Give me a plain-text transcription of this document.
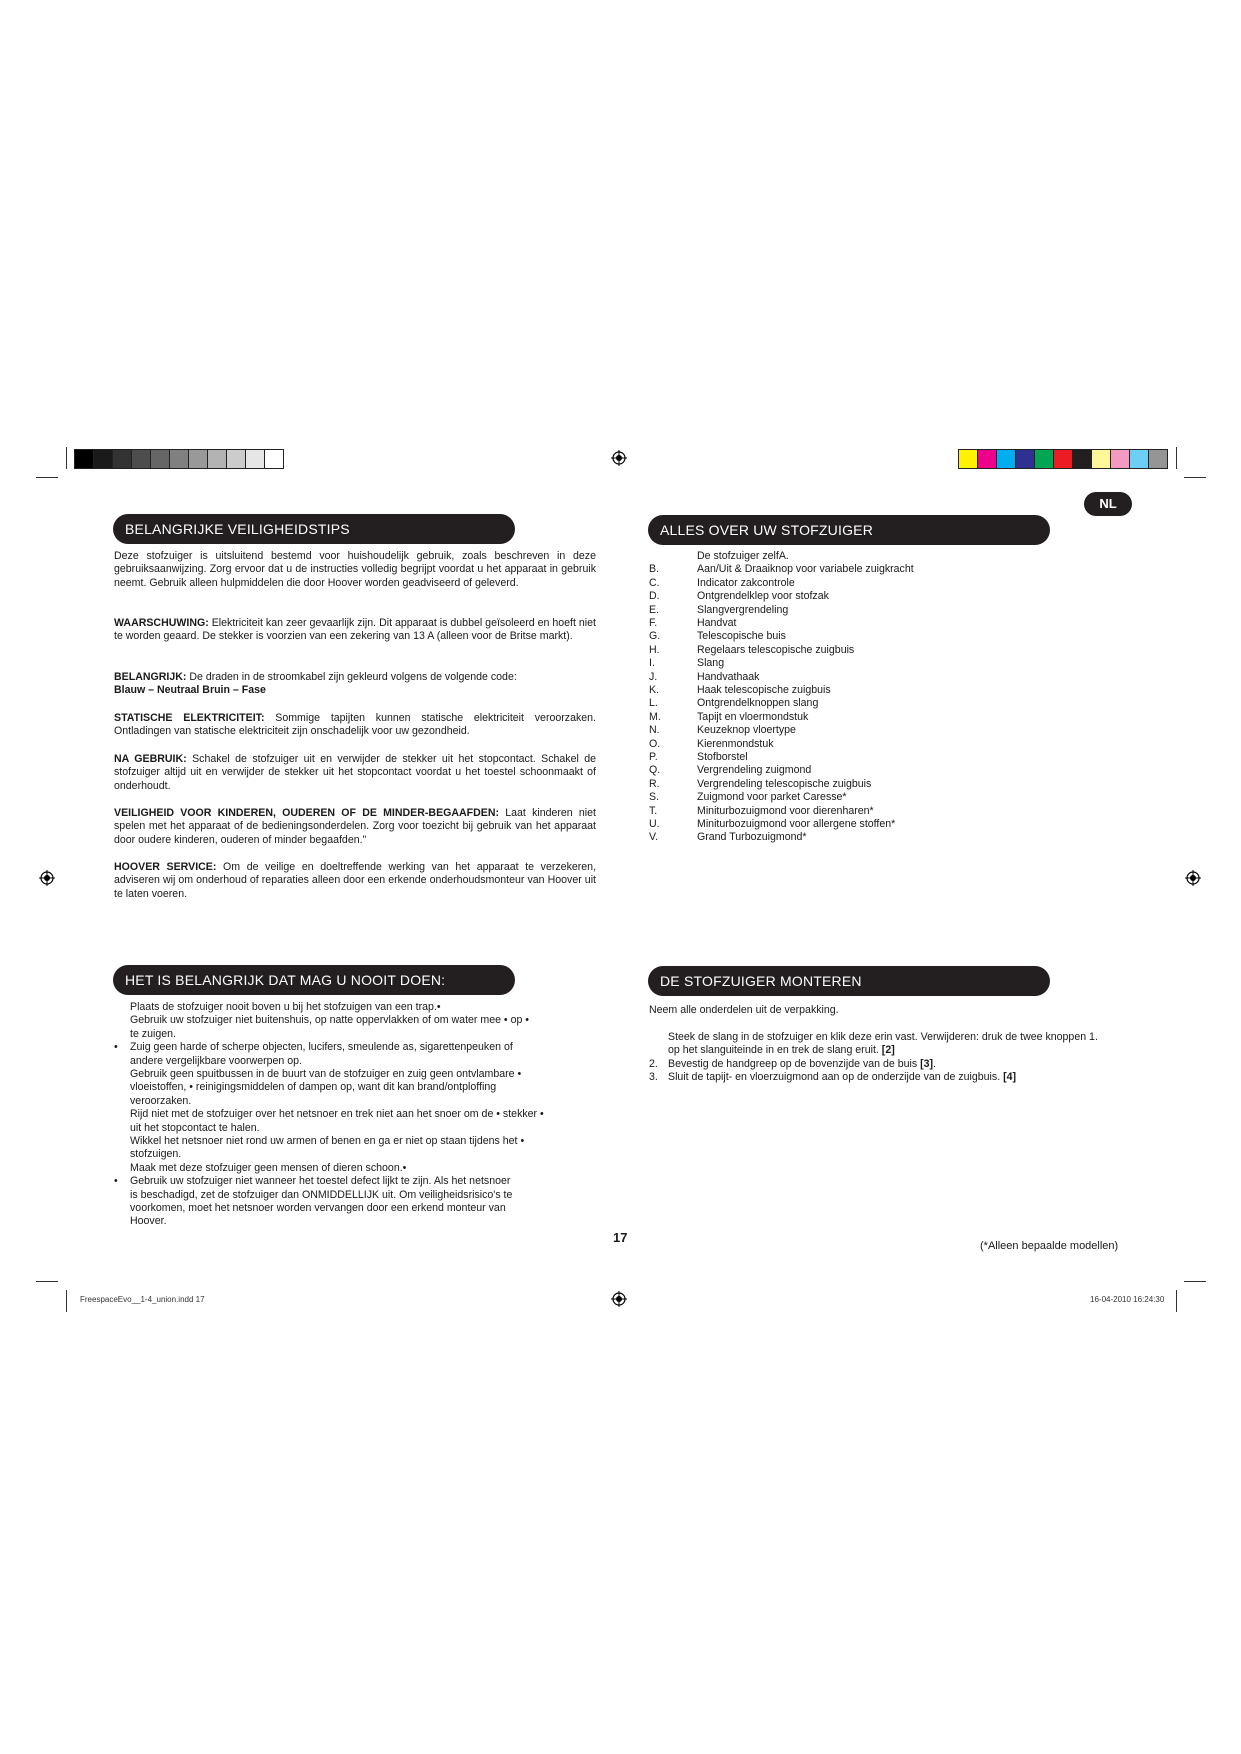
NL
BELANGRIJKE VEILIGHEIDSTIPS
Deze stofzuiger is uitsluitend bestemd voor huishoudelijk gebruik, zoals beschreven in deze gebruiksaanwijzing. Zorg ervoor dat u de instructies volledig begrijpt voordat u het apparaat in gebruik neemt. Gebruik alleen hulpmiddelen die door Hoover worden geadviseerd of geleverd.
WAARSCHUWING: Elektriciteit kan zeer gevaarlijk zijn. Dit apparaat is dubbel geïsoleerd en hoeft niet te worden geaard. De stekker is voorzien van een zekering van 13 A (alleen voor de Britse markt).
BELANGRIJK: De draden in de stroomkabel zijn gekleurd volgens de volgende code:
Blauw – Neutraal Bruin – Fase
STATISCHE ELEKTRICITEIT: Sommige tapijten kunnen statische elektriciteit veroorzaken. Ontladingen van statische elektriciteit zijn onschadelijk voor uw gezondheid.
NA GEBRUIK: Schakel de stofzuiger uit en verwijder de stekker uit het stopcontact. Schakel de stofzuiger altijd uit en verwijder de stekker uit het stopcontact voordat u het toestel schoonmaakt of onderhoudt.
VEILIGHEID VOOR KINDEREN, OUDEREN OF DE MINDER-BEGAAFDEN: Laat kinderen niet spelen met het apparaat of de bedieningsonderdelen. Zorg voor toezicht bij gebruik van het apparaat door oudere kinderen, ouderen of minder begaafden."
HOOVER SERVICE: Om de veilige en doeltreffende werking van het apparaat te verzekeren, adviseren wij om onderhoud of reparaties alleen door een erkende onderhoudsmonteur van Hoover uit te laten voeren.
HET IS BELANGRIJK DAT MAG U NOOIT DOEN:
Plaats de stofzuiger nooit boven u bij het stofzuigen van een trap.•
Gebruik uw stofzuiger niet buitenshuis, op natte oppervlakken of om water mee • op •
te zuigen.
• Zuig geen harde of scherpe objecten, lucifers, smeulende as, sigarettenpeuken of
andere vergelijkbare voorwerpen op.
Gebruik geen spuitbussen in de buurt van de stofzuiger en zuig geen ontvlambare •
vloeistoffen, • reinigingsmiddelen of dampen op, want dit kan brand/ontploffing
veroorzaken.
Rijd niet met de stofzuiger over het netsnoer en trek niet aan het snoer om de • stekker •
uit het stopcontact te halen.
Wikkel het netsnoer niet rond uw armen of benen en ga er niet op staan tijdens het •
stofzuigen.
Maak met deze stofzuiger geen mensen of dieren schoon.•
• Gebruik uw stofzuiger niet wanneer het toestel defect lijkt te zijn. Als het netsnoer
is beschadigd, zet de stofzuiger dan ONMIDDELLIJK uit. Om veiligheidsrisico's te
voorkomen, moet het netsnoer worden vervangen door een erkend monteur van
Hoover.
ALLES OVER UW STOFZUIGER
De stofzuiger zelfA.
B.	Aan/Uit & Draaiknop voor variabele zuigkracht
C.	Indicator zakcontrole
D.	Ontgrendelklep voor stofzak
E.	Slangvergrendeling
F.	Handvat
G.	Telescopische buis
H.	Regelaars telescopische zuigbuis
I.	Slang
J.	Handvathaak
K.	Haak telescopische zuigbuis
L.	Ontgrendelknoppen slang
M.	Tapijt en vloermondstuk
N.	Keuzeknop vloertype
O.	Kierenmondstuk
P.	Stofborstel
Q.	Vergrendeling zuigmond
R.	Vergrendeling telescopische zuigbuis
S.	Zuigmond voor parket Caresse*
T.	Miniturbozuigmond voor dierenharen*
U.	Miniturbozuigmond voor allergene stoffen*
V.	Grand Turbozuigmond*
DE STOFZUIGER MONTEREN
Neem alle onderdelen uit de verpakking.
Steek de slang in de stofzuiger en klik deze erin vast. Verwijderen: druk de twee knoppen 1.
op het slanguiteinde in en trek de slang eruit. [2]
2. Bevestig de handgreep op de bovenzijde van de buis [3].
3. Sluit de tapijt- en vloerzuigmond aan op de onderzijde van de zuigbuis. [4]
(*Alleen bepaalde modellen)
17
FreespaceEvo__1-4_union.indd 17	16-04-2010 16:24:30
